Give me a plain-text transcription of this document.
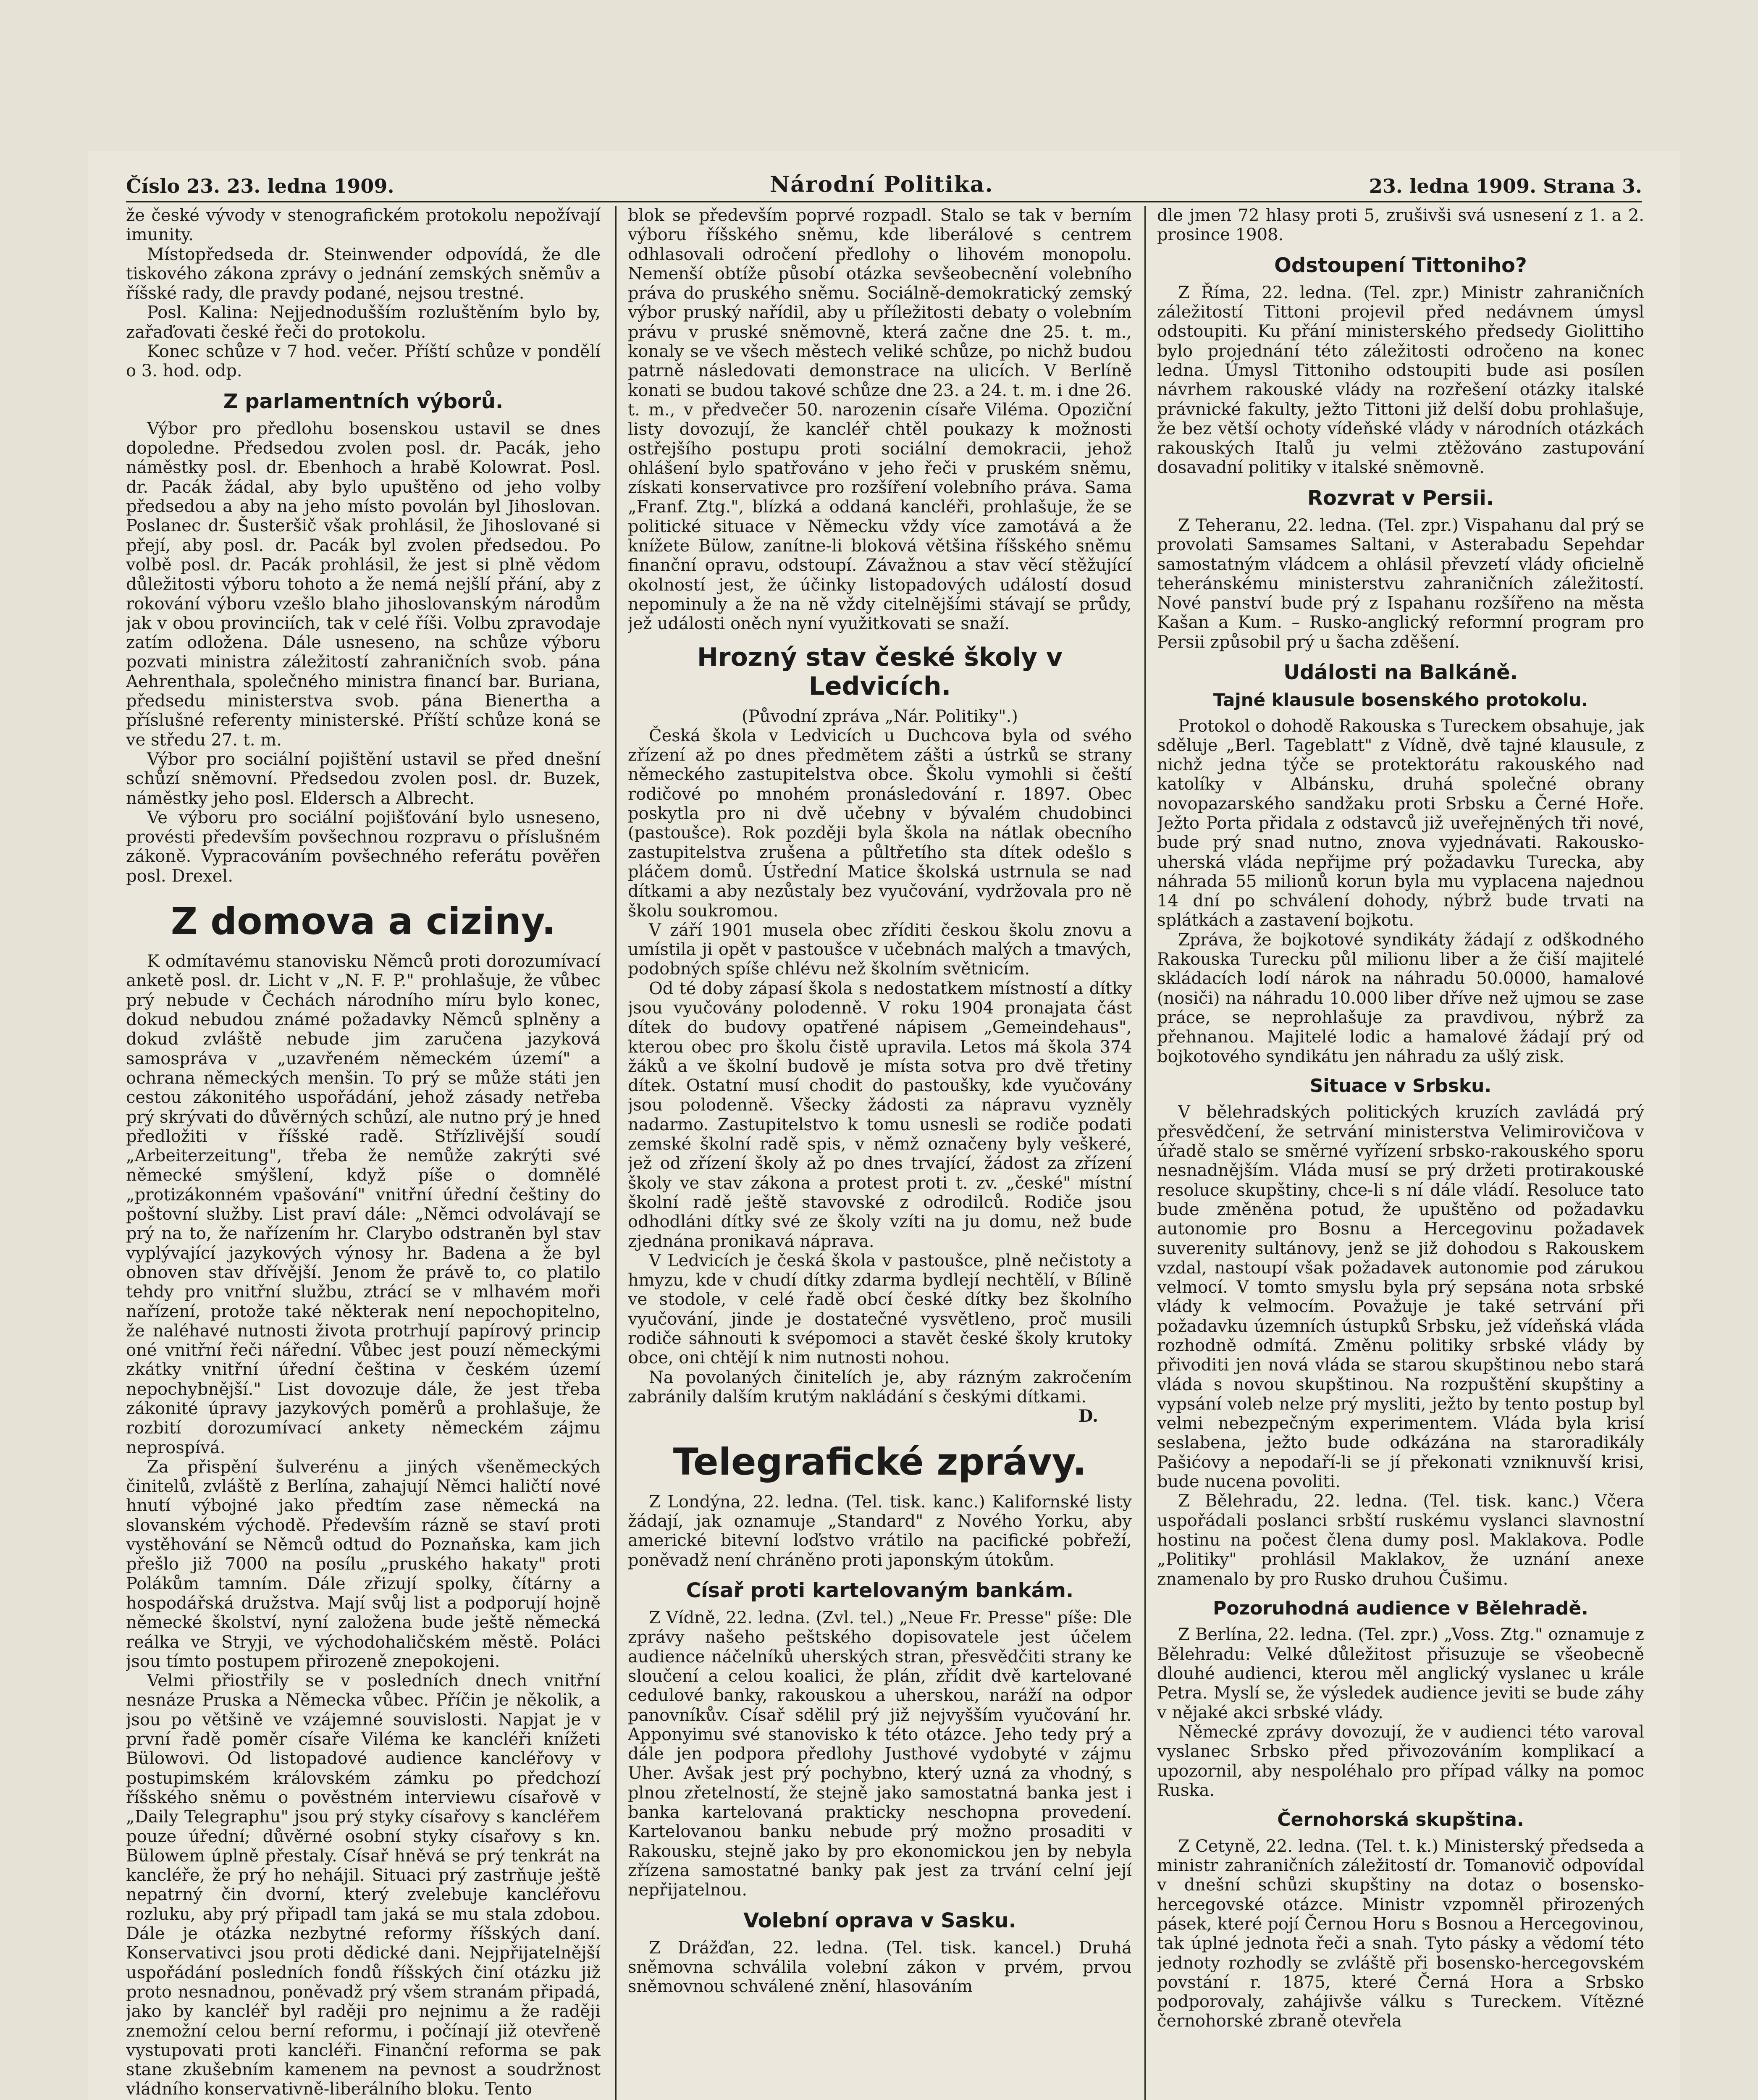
Číslo 23. 23. ledna 1909.	Národní Politika.	23. ledna 1909. Strana 3.

že české vývody v stenografickém protokolu nepožívají imunity.

Místopředseda dr. Steinwender odpovídá, že dle tiskového zákona zprávy o jednání zemských sněmův a říšské rady, dle pravdy podané, nejsou trestné.

Posl. Kalina: Nejjednodušším rozluštěním bylo by, zařaďovati české řeči do protokolu.

Konec schůze v 7 hod. večer. Příští schůze v pondělí o 3. hod. odp.

Z parlamentních výborů.

Výbor pro předlohu bosenskou ustavil se dnes dopoledne. Předsedou zvolen posl. dr. Pacák, jeho náměstky posl. dr. Ebenhoch a hrabě Kolowrat. Posl. dr. Pacák žádal, aby bylo upuštěno od jeho volby předsedou a aby na jeho místo povolán byl Jihoslovan. Poslanec dr. Šusteršič však prohlásil, že Jihoslované si přejí, aby posl. dr. Pacák byl zvolen předsedou. Po volbě posl. dr. Pacák prohlásil, že jest si plně vědom důležitosti výboru tohoto a že nemá nejšlí přání, aby z rokování výboru vzešlo blaho jihoslovanským národům jak v obou provinciích, tak v celé říši. Volbu zpravodaje zatím odložena. Dále usneseno, na schůze výboru pozvati ministra záležitostí zahraničních svob. pána Aehrenthala, společného ministra financí bar. Buriana, předsedu ministerstva svob. pána Bienertha a příslušné referenty ministerské. Příští schůze koná se ve středu 27. t. m.

Výbor pro sociální pojištění ustavil se před dnešní schůzí sněmovní. Předsedou zvolen posl. dr. Buzek, náměstky jeho posl. Eldersch a Albrecht.

Ve výboru pro sociální pojišťování bylo usneseno, provésti především povšechnou rozpravu o příslušném zákoně. Vypracováním povšechného referátu pověřen posl. Drexel.

Z domova a ciziny.

K odmítavému stanovisku Němců proti dorozumívací anketě posl. dr. Licht v „N. F. P." prohlašuje, že vůbec prý nebude v Čechách národního míru bylo konec, dokud nebudou známé požadavky Němců splněny a dokud zvláště nebude jim zaručena jazyková samospráva v „uzavřeném německém území" a ochrana německých menšin. To prý se může státi jen cestou zákonitého uspořádání, jehož zásady netřeba prý skrývati do důvěrných schůzí, ale nutno prý je hned předložiti v říšské radě. Střízlivější soudí „Arbeiterzeitung", třeba že nemůže zakrýti své německé smýšlení, když píše o domnělé „protizákonném vpašování" vnitřní úřední češtiny do poštovní služby. List praví dále: „Němci odvolávají se prý na to, že nařízením hr. Clarybo odstraněn byl stav vyplývající jazykových výnosy hr. Badena a že byl obnoven stav dřívější. Jenom že právě to, co platilo tehdy pro vnitřní službu, ztrácí se v mlhavém moři nařízení, protože také některak není nepochopitelno, že naléhavé nutnosti života protrhují papírový princip oné vnitřní řeči nářední. Vůbec jest pouzí německými zkátky vnitřní úřední čeština v českém území nepochybnější." List dovozuje dále, že jest třeba zákonité úpravy jazykových poměrů a prohlašuje, že rozbití dorozumívací ankety německém zájmu neprospívá.

Za přispění šulverénu a jiných všeněmeckých činitelů, zvláště z Berlína, zahajují Němci haličtí nové hnutí výbojné jako předtím zase německá na slovanském východě. Především rázně se staví proti vystěhování se Němců odtud do Poznaňska, kam jich přešlo již 7000 na posílu „pruského hakaty" proti Polákům tamním. Dále zřizují spolky, čítárny a hospodářská družstva. Mají svůj list a podporují hojně německé školství, nyní založena bude ještě německá reálka ve Stryji, ve východohaličském městě. Poláci jsou tímto postupem přirozeně znepokojeni.

Velmi přiostřily se v posledních dnech vnitřní nesnáze Pruska a Německa vůbec. Příčin je několik, a jsou po většině ve vzájemné souvislosti. Napjat je v první řadě poměr císaře Viléma ke kancléři knížeti Bülowovi. Od listopadové audience kancléřovy v postupimském královském zámku po předchozí říšského sněmu o pověstném interviewu císařově v „Daily Telegraphu" jsou prý styky císařovy s kancléřem pouze úřední; důvěrné osobní styky císařovy s kn. Bülowem úplně přestaly. Císař hněvá se prý tenkrát na kancléře, že prý ho nehájil. Situaci prý zastrňuje ještě nepatrný čin dvorní, který zvelebuje kancléřovu rozluku, aby prý připadl tam jaká se mu stala zdobou. Dále je otázka nezbytné reformy říšských daní. Konservativci jsou proti dědické dani. Nejpřijatelnější uspořádání posledních fondů říšských činí otázku již proto nesnadnou, poněvadž prý všem stranám připadá, jako by kancléř byl raději pro nejnimu a že raději znemožní celou berní reformu, i počínají již otevřeně vystupovati proti kancléři. Finanční reforma se pak stane zkušebním kamenem na pevnost a soudržnost vládního konservativně-liberálního bloku. Tento

blok se především poprvé rozpadl. Stalo se tak v berním výboru říšského sněmu, kde liberálové s centrem odhlasovali odročení předlohy o lihovém monopolu. Nemenší obtíže působí otázka sevšeobecnění volebního práva do pruského sněmu. Sociálně-demokratický zemský výbor pruský nařídil, aby u příležitosti debaty o volebním právu v pruské sněmovně, která začne dne 25. t. m., konaly se ve všech městech veliké schůze, po nichž budou patrně následovati demonstrace na ulicích. V Berlíně konati se budou takové schůze dne 23. a 24. t. m. i dne 26. t. m., v předvečer 50. narozenin císaře Viléma. Opoziční listy dovozují, že kancléř chtěl poukazy k možnosti ostřejšího postupu proti sociální demokracii, jehož ohlášení bylo spatřováno v jeho řeči v pruském sněmu, získati konservativce pro rozšíření volebního práva. Sama „Franf. Ztg.", blízká a oddaná kancléři, prohlašuje, že se politické situace v Německu vždy více zamotává a že knížete Bülow, zanítne-li bloková většina říšského sněmu finanční opravu, odstoupí. Závažnou a stav věcí stěžující okolností jest, že účinky listopadových událostí dosud nepominuly a že na ně vždy citelnějšími stávají se průdy, jež události oněch nyní využitkovati se snaží.

Hrozný stav české školy v Ledvicích.
(Původní zpráva „Nár. Politiky".)

Česká škola v Ledvicích u Duchcova byla od svého zřízení až po dnes předmětem zášti a ústrků se strany německého zastupitelstva obce. Školu vymohli si čeští rodičové po mnohém pronásledování r. 1897. Obec poskytla pro ni dvě učebny v bývalém chudobinci (pastoušce). Rok později byla škola na nátlak obecního zastupitelstva zrušena a půltřetího sta dítek odešlo s pláčem domů. Ústřední Matice školská ustrnula se nad dítkami a aby nezůstaly bez vyučování, vydržovala pro ně školu soukromou.

V září 1901 musela obec zříditi českou školu znovu a umístila ji opět v pastoušce v učebnách malých a tmavých, podobných spíše chlévu než školním světnicím.

Od té doby zápasí škola s nedostatkem místností a dítky jsou vyučovány polodenně. V roku 1904 pronajata část dítek do budovy opatřené nápisem „Gemeindehaus", kterou obec pro školu čistě upravila. Letos má škola 374 žáků a ve školní budově je místa sotva pro dvě třetiny dítek. Ostatní musí chodit do pastoušky, kde vyučovány jsou polodenně. Všecky žádosti za nápravu vyzněly nadarmo. Zastupitelstvo k tomu usnesli se rodiče podati zemské školní radě spis, v němž označeny byly veškeré, jež od zřízení školy až po dnes trvající, žádost za zřízení školy ve stav zákona a protest proti t. zv. „české" místní školní radě ještě stavovské z odrodilců. Rodiče jsou odhodláni dítky své ze školy vzíti na ju domu, než bude zjednána pronikavá náprava.

V Ledvicích je česká škola v pastoušce, plně nečistoty a hmyzu, kde v chudí dítky zdarma bydlejí nechtělí, v Bílině ve stodole, v celé řadě obcí české dítky bez školního vyučování, jinde je dostatečné vysvětleno, proč musili rodiče sáhnouti k svépomoci a stavět české školy krutoky obce, oni chtějí k nim nutnosti nohou.

Na povolaných činitelích je, aby rázným zakročením zabránily dalším krutým nakládání s českými dítkami.

D.
Telegrafické zprávy.

Z Londýna, 22. ledna. (Tel. tisk. kanc.) Kalifornské listy žádají, jak oznamuje „Standard" z Nového Yorku, aby americké bitevní loďstvo vrátilo na pacifické pobřeží, poněvadž není chráněno proti japonským útokům.

Císař proti kartelovaným bankám.

Z Vídně, 22. ledna. (Zvl. tel.) „Neue Fr. Presse" píše: Dle zprávy našeho peštského dopisovatele jest účelem audience náčelníků uherských stran, přesvědčiti strany ke sloučení a celou koalici, že plán, zřídit dvě kartelované cedulové banky, rakouskou a uherskou, naráží na odpor panovníkův. Císař sdělil prý již nejvyšším vyučování hr. Apponyimu své stanovisko k této otázce. Jeho tedy prý a dále jen podpora předlohy Justhové vydobyté v zájmu Uher. Avšak jest prý pochybno, který uzná za vhodný, s plnou zřetelností, že stejně jako samostatná banka jest i banka kartelovaná prakticky neschopna provedení. Kartelovanou banku nebude prý možno prosaditi v Rakousku, stejně jako by pro ekonomickou jen by nebyla zřízena samostatné banky pak jest za trvání celní její nepřijatelnou.

Volební oprava v Sasku.

Z Drážďan, 22. ledna. (Tel. tisk. kancel.) Druhá sněmovna schválila volební zákon v prvém, prvou sněmovnou schválené znění, hlasováním

dle jmen 72 hlasy proti 5, zrušivši svá usnesení z 1. a 2. prosince 1908.

Odstoupení Tittoniho?

Z Říma, 22. ledna. (Tel. zpr.) Ministr zahraničních záležitostí Tittoni projevil před nedávnem úmysl odstoupiti. Ku přání ministerského předsedy Giolittiho bylo projednání této záležitosti odročeno na konec ledna. Úmysl Tittoniho odstoupiti bude asi posílen návrhem rakouské vlády na rozřešení otázky italské právnické fakulty, ježto Tittoni již delší dobu prohlašuje, že bez větší ochoty vídeňské vlády v národních otázkách rakouských Italů ju velmi ztěžováno zastupování dosavadní politiky v italské sněmovně.

Rozvrat v Persii.

Z Teheranu, 22. ledna. (Tel. zpr.) Vispahanu dal prý se provolati Samsames Saltani, v Asterabadu Sepehdar samostatným vládcem a ohlásil převzetí vlády oficielně teheránskému ministerstvu zahraničních záležitostí. Nové panství bude prý z Ispahanu rozšířeno na města Kašan a Kum. – Rusko-anglický reformní program pro Persii způsobil prý u šacha zděšení.

Události na Balkáně.
Tajné klausule bosenského protokolu.

Protokol o dohodě Rakouska s Tureckem obsahuje, jak sděluje „Berl. Tageblatt" z Vídně, dvě tajné klausule, z nichž jedna týče se protektorátu rakouského nad katolíky v Albánsku, druhá společné obrany novopazarského sandžaku proti Srbsku a Černé Hoře. Ježto Porta přidala z odstavců již uveřejněných tři nové, bude prý snad nutno, znova vyjednávati. Rakousko-uherská vláda nepřijme prý požadavku Turecka, aby náhrada 55 milionů korun byla mu vyplacena najednou 14 dní po schválení dohody, nýbrž bude trvati na splátkách a zastavení bojkotu.

Zpráva, že bojkotové syndikáty žádají z odškodného Rakouska Turecku půl milionu liber a že čiší majitelé skládacích lodí nárok na náhradu 50.0000, hamalové (nosiči) na náhradu 10.000 liber dříve než ujmou se zase práce, se neprohlašuje za pravdivou, nýbrž za přehnanou. Majitelé lodic a hamalové žádají prý od bojkotového syndikátu jen náhradu za ušlý zisk.

Situace v Srbsku.

V bělehradských politických kruzích zavládá prý přesvědčení, že setrvání ministerstva Velimirovičova v úřadě stalo se směrné vyřízení srbsko-rakouského sporu nesnadnějším. Vláda musí se prý držeti protirakouské resoluce skupštiny, chce-li s ní dále vládí. Resoluce tato bude změněna potud, že upuštěno od požadavku autonomie pro Bosnu a Hercegovinu požadavek suverenity sultánovy, jenž se již dohodou s Rakouskem vzdal, nastoupí však požadavek autonomie pod zárukou velmocí. V tomto smyslu byla prý sepsána nota srbské vlády k velmocím. Považuje je také setrvání při požadavku územních ústupků Srbsku, jež vídeňská vláda rozhodně odmítá. Změnu politiky srbské vlády by přivoditi jen nová vláda se starou skupštinou nebo stará vláda s novou skupštinou. Na rozpuštění skupštiny a vypsání voleb nelze prý mysliti, ježto by tento postup byl velmi nebezpečným experimentem. Vláda byla krisí seslabena, ježto bude odkázána na staroradikály Pašićovy a nepodaří-li se jí překonati vzniknuvší krisi, bude nucena povoliti.

Z Bělehradu, 22. ledna. (Tel. tisk. kanc.) Včera uspořádali poslanci srbští ruskému vyslanci slavnostní hostinu na počest člena dumy posl. Maklakova. Podle „Politiky" prohlásil Maklakov, že uznání anexe znamenalo by pro Rusko druhou Čušimu.

Pozoruhodná audience v Bělehradě.

Z Berlína, 22. ledna. (Tel. zpr.) „Voss. Ztg." oznamuje z Bělehradu: Velké důležitost přisuzuje se všeobecně dlouhé audienci, kterou měl anglický vyslanec u krále Petra. Myslí se, že výsledek audience jeviti se bude záhy v nějaké akci srbské vlády.

Německé zprávy dovozují, že v audienci této varoval vyslanec Srbsko před přivozováním komplikací a upozornil, aby nespoléhalo pro případ války na pomoc Ruska.

Černohorská skupština.

Z Cetyně, 22. ledna. (Tel. t. k.) Ministerský předseda a ministr zahraničních záležitostí dr. Tomanovič odpovídal v dnešní schůzi skupštiny na dotaz o bosensko-hercegovské otázce. Ministr vzpomněl přirozených pásek, které pojí Černou Horu s Bosnou a Hercegovinou, tak úplné jednota řeči a snah. Tyto pásky a vědomí této jednoty rozhodly se zvláště při bosensko-hercegovském povstání r. 1875, které Černá Hora a Srbsko podporovaly, zahájivše válku s Tureckem. Vítězné černohorské zbraně otevřela
